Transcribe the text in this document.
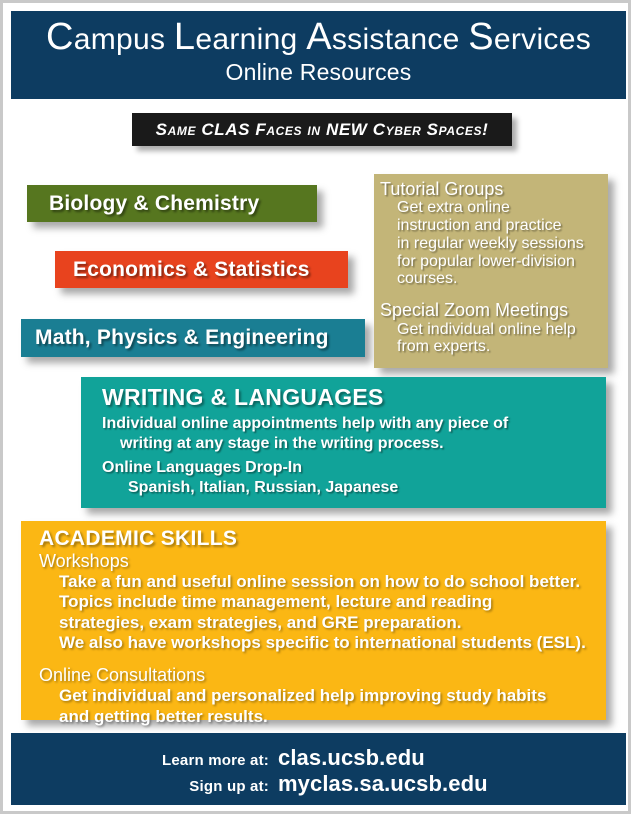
Campus Learning Assistance Services
Online Resources
Same CLAS Faces in NEW Cyber Spaces!
Biology & Chemistry
Economics & Statistics
Math, Physics & Engineering
Tutorial Groups
Get extra online
instruction and practice
in regular weekly sessions
for popular lower-division
courses.
Special Zoom Meetings
Get individual online help
from experts.
WRITING & LANGUAGES
Individual online appointments help with any piece of
writing at any stage in the writing process.
Online Languages Drop-In
Spanish, Italian, Russian, Japanese
ACADEMIC SKILLS
Workshops
Take a fun and useful online session on how to do school better.
Topics include time management, lecture and reading
strategies, exam strategies, and GRE preparation.
We also have workshops specific to international students (ESL).
Online Consultations
Get individual and personalized help improving study habits
and getting better results.
Learn more at: clas.ucsb.edu
Sign up at: myclas.sa.ucsb.edu
